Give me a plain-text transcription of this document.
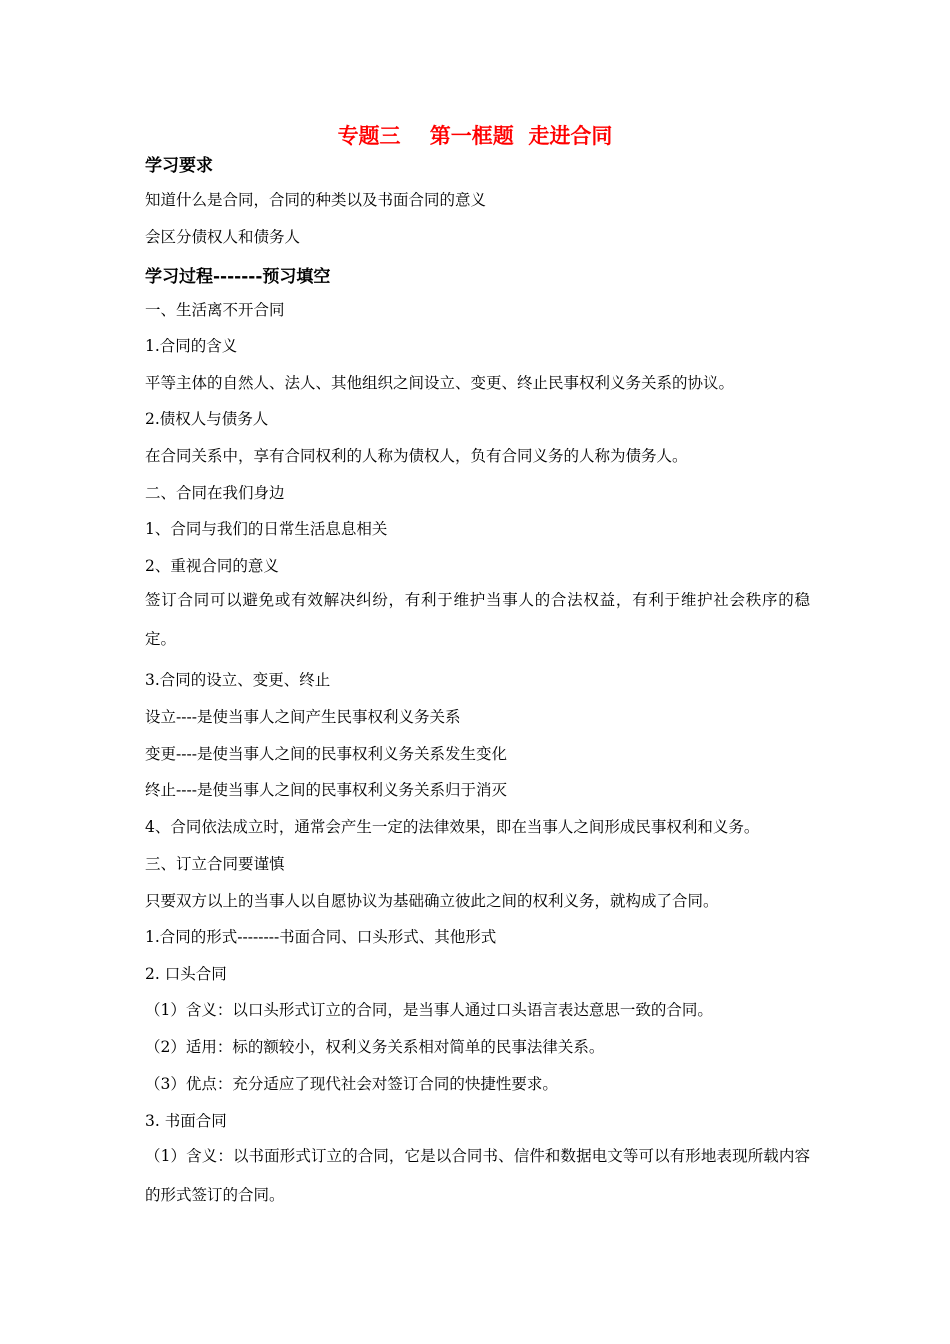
专题三    第一框题  走进合同
学习要求

知道什么是合同，合同的种类以及书面合同的意义

会区分债权人和债务人

学习过程-------预习填空

一、生活离不开合同

1.合同的含义

平等主体的自然人、法人、其他组织之间设立、变更、终止民事权利义务关系的协议。

2.债权人与债务人

在合同关系中，享有合同权利的人称为债权人，负有合同义务的人称为债务人。

二、合同在我们身边

1、合同与我们的日常生活息息相关

2、重视合同的意义

签订合同可以避免或有效解决纠纷，有利于维护当事人的合法权益，有利于维护社会秩序的稳定。

3.合同的设立、变更、终止

设立----是使当事人之间产生民事权利义务关系

变更----是使当事人之间的民事权利义务关系发生变化

终止----是使当事人之间的民事权利义务关系归于消灭

4、合同依法成立时，通常会产生一定的法律效果，即在当事人之间形成民事权利和义务。

三、订立合同要谨慎

只要双方以上的当事人以自愿协议为基础确立彼此之间的权利义务，就构成了合同。

1.合同的形式--------书面合同、口头形式、其他形式

2. 口头合同

（1）含义：以口头形式订立的合同，是当事人通过口头语言表达意思一致的合同。

（2）适用：标的额较小，权利义务关系相对简单的民事法律关系。

（3）优点：充分适应了现代社会对签订合同的快捷性要求。

3. 书面合同

（1）含义：以书面形式订立的合同，它是以合同书、信件和数据电文等可以有形地表现所载内容的形式签订的合同。
